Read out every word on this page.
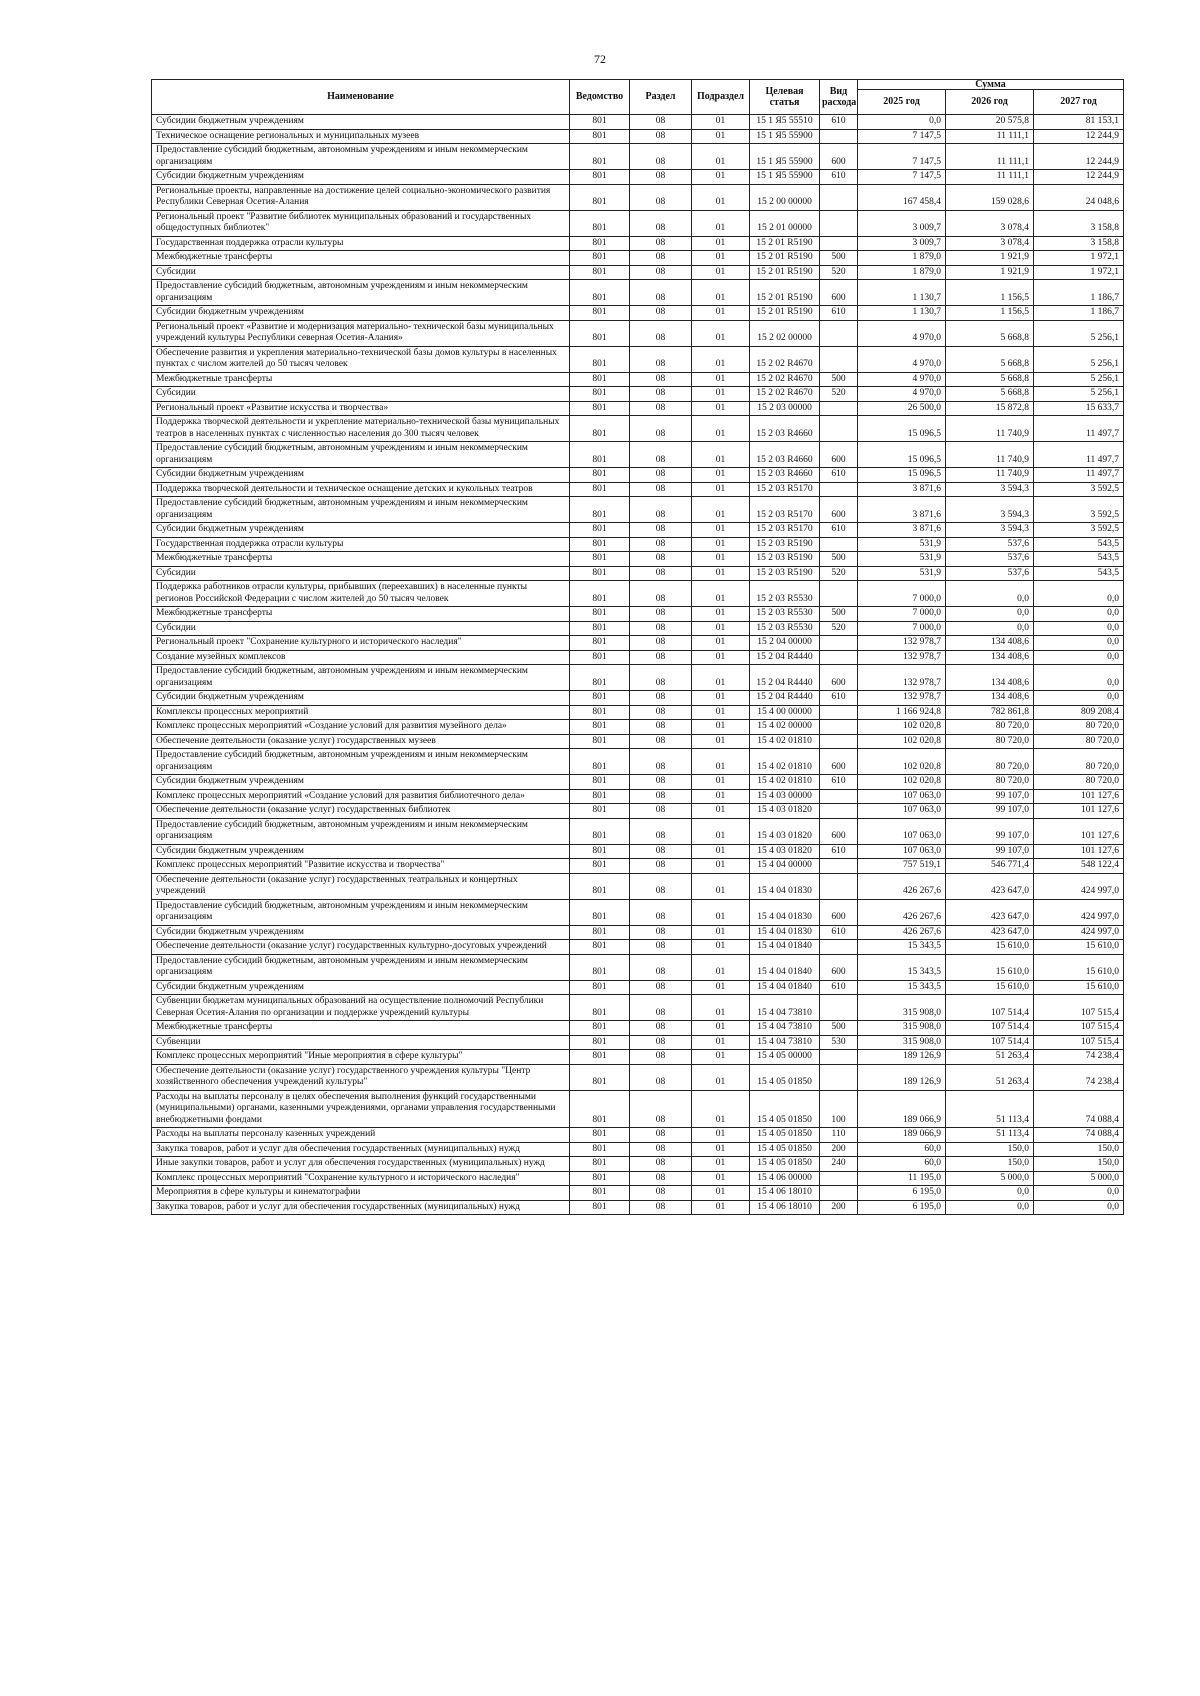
72
Наименование	Ведомство	Раздел	Подраздел	Целевая статья	Вид расхода	Сумма		
						2025 год	2026 год	2027 год
Субсидии бюджетным учреждениям	801	08	01	15 1 Я5 55510	610	0,0	20 575,8	81 153,1
Техническое оснащение региональных и муниципальных музеев	801	08	01	15 1 Я5 55900		7 147,5	11 111,1	12 244,9
Предоставление субсидий бюджетным, автономным учреждениям и иным некоммерческим организациям	801	08	01	15 1 Я5 55900	600	7 147,5	11 111,1	12 244,9
Субсидии бюджетным учреждениям	801	08	01	15 1 Я5 55900	610	7 147,5	11 111,1	12 244,9
Региональные проекты, направленные на достижение целей социально-экономического развития Республики Северная Осетия-Алания	801	08	01	15 2 00 00000		167 458,4	159 028,6	24 048,6
Региональный проект "Развитие библиотек муниципальных образований и государственных общедоступных библиотек"	801	08	01	15 2 01 00000		3 009,7	3 078,4	3 158,8
Государственная поддержка отрасли культуры	801	08	01	15 2 01 R5190		3 009,7	3 078,4	3 158,8
Межбюджетные трансферты	801	08	01	15 2 01 R5190	500	1 879,0	1 921,9	1 972,1
Субсидии	801	08	01	15 2 01 R5190	520	1 879,0	1 921,9	1 972,1
Предоставление субсидий бюджетным, автономным учреждениям и иным некоммерческим организациям	801	08	01	15 2 01 R5190	600	1 130,7	1 156,5	1 186,7
Субсидии бюджетным учреждениям	801	08	01	15 2 01 R5190	610	1 130,7	1 156,5	1 186,7
Региональный проект «Развитие и модернизация материально- технической базы муниципальных учреждений культуры Республики северная Осетия-Алания»	801	08	01	15 2 02 00000		4 970,0	5 668,8	5 256,1
Обеспечение развития и укрепления материально-технической базы домов культуры в населенных пунктах с числом жителей до 50 тысяч человек	801	08	01	15 2 02 R4670		4 970,0	5 668,8	5 256,1
Межбюджетные трансферты	801	08	01	15 2 02 R4670	500	4 970,0	5 668,8	5 256,1
Субсидии	801	08	01	15 2 02 R4670	520	4 970,0	5 668,8	5 256,1
Региональный проект «Развитие искусства и творчества»	801	08	01	15 2 03 00000		26 500,0	15 872,8	15 633,7
Поддержка творческой деятельности и укрепление материально-технической базы муниципальных театров в населенных пунктах с численностью населения до 300 тысяч человек	801	08	01	15 2 03 R4660		15 096,5	11 740,9	11 497,7
Предоставление субсидий бюджетным, автономным учреждениям и иным некоммерческим организациям	801	08	01	15 2 03 R4660	600	15 096,5	11 740,9	11 497,7
Субсидии бюджетным учреждениям	801	08	01	15 2 03 R4660	610	15 096,5	11 740,9	11 497,7
Поддержка творческой деятельности и техническое оснащение детских и кукольных театров	801	08	01	15 2 03 R5170		3 871,6	3 594,3	3 592,5
Предоставление субсидий бюджетным, автономным учреждениям и иным некоммерческим организациям	801	08	01	15 2 03 R5170	600	3 871,6	3 594,3	3 592,5
Субсидии бюджетным учреждениям	801	08	01	15 2 03 R5170	610	3 871,6	3 594,3	3 592,5
Государственная поддержка отрасли культуры	801	08	01	15 2 03 R5190		531,9	537,6	543,5
Межбюджетные трансферты	801	08	01	15 2 03 R5190	500	531,9	537,6	543,5
Субсидии	801	08	01	15 2 03 R5190	520	531,9	537,6	543,5
Поддержка работников отрасли культуры, прибывших (переехавших) в населенные пункты регионов Российской Федерации с числом жителей до 50 тысяч человек	801	08	01	15 2 03 R5530		7 000,0	0,0	0,0
Межбюджетные трансферты	801	08	01	15 2 03 R5530	500	7 000,0	0,0	0,0
Субсидии	801	08	01	15 2 03 R5530	520	7 000,0	0,0	0,0
Региональный проект "Сохранение культурного и исторического наследия"	801	08	01	15 2 04 00000		132 978,7	134 408,6	0,0
Создание музейных комплексов	801	08	01	15 2 04 R4440		132 978,7	134 408,6	0,0
Предоставление субсидий бюджетным, автономным учреждениям и иным некоммерческим организациям	801	08	01	15 2 04 R4440	600	132 978,7	134 408,6	0,0
Субсидии бюджетным учреждениям	801	08	01	15 2 04 R4440	610	132 978,7	134 408,6	0,0
Комплексы процессных мероприятий	801	08	01	15 4 00 00000		1 166 924,8	782 861,8	809 208,4
Комплекс процессных мероприятий «Создание условий для развития музейного дела»	801	08	01	15 4 02 00000		102 020,8	80 720,0	80 720,0
Обеспечение деятельности (оказание услуг) государственных музеев	801	08	01	15 4 02 01810		102 020,8	80 720,0	80 720,0
Предоставление субсидий бюджетным, автономным учреждениям и иным некоммерческим организациям	801	08	01	15 4 02 01810	600	102 020,8	80 720,0	80 720,0
Субсидии бюджетным учреждениям	801	08	01	15 4 02 01810	610	102 020,8	80 720,0	80 720,0
Комплекс процессных мероприятий «Создание условий для развития библиотечного дела»	801	08	01	15 4 03 00000		107 063,0	99 107,0	101 127,6
Обеспечение деятельности (оказание услуг) государственных библиотек	801	08	01	15 4 03 01820		107 063,0	99 107,0	101 127,6
Предоставление субсидий бюджетным, автономным учреждениям и иным некоммерческим организациям	801	08	01	15 4 03 01820	600	107 063,0	99 107,0	101 127,6
Субсидии бюджетным учреждениям	801	08	01	15 4 03 01820	610	107 063,0	99 107,0	101 127,6
Комплекс процессных мероприятий "Развитие искусства и творчества"	801	08	01	15 4 04 00000		757 519,1	546 771,4	548 122,4
Обеспечение деятельности (оказание услуг) государственных театральных и концертных учреждений	801	08	01	15 4 04 01830		426 267,6	423 647,0	424 997,0
Предоставление субсидий бюджетным, автономным учреждениям и иным некоммерческим организациям	801	08	01	15 4 04 01830	600	426 267,6	423 647,0	424 997,0
Субсидии бюджетным учреждениям	801	08	01	15 4 04 01830	610	426 267,6	423 647,0	424 997,0
Обеспечение деятельности (оказание услуг) государственных культурно-досуговых учреждений	801	08	01	15 4 04 01840		15 343,5	15 610,0	15 610,0
Предоставление субсидий бюджетным, автономным учреждениям и иным некоммерческим организациям	801	08	01	15 4 04 01840	600	15 343,5	15 610,0	15 610,0
Субсидии бюджетным учреждениям	801	08	01	15 4 04 01840	610	15 343,5	15 610,0	15 610,0
Субвенции бюджетам муниципальных образований на осуществление полномочий Республики Северная Осетия-Алания по организации и поддержке учреждений культуры	801	08	01	15 4 04 73810		315 908,0	107 514,4	107 515,4
Межбюджетные трансферты	801	08	01	15 4 04 73810	500	315 908,0	107 514,4	107 515,4
Субвенции	801	08	01	15 4 04 73810	530	315 908,0	107 514,4	107 515,4
Комплекс процессных мероприятий "Иные мероприятия в сфере культуры"	801	08	01	15 4 05 00000		189 126,9	51 263,4	74 238,4
Обеспечение деятельности (оказание услуг) государственного учреждения культуры "Центр хозяйственного обеспечения учреждений культуры"	801	08	01	15 4 05 01850		189 126,9	51 263,4	74 238,4
Расходы на выплаты персоналу в целях обеспечения выполнения функций государственными (муниципальными) органами, казенными учреждениями, органами управления государственными внебюджетными фондами	801	08	01	15 4 05 01850	100	189 066,9	51 113,4	74 088,4
Расходы на выплаты персоналу казенных учреждений	801	08	01	15 4 05 01850	110	189 066,9	51 113,4	74 088,4
Закупка товаров, работ и услуг для обеспечения государственных (муниципальных) нужд	801	08	01	15 4 05 01850	200	60,0	150,0	150,0
Иные закупки товаров, работ и услуг для обеспечения государственных (муниципальных) нужд	801	08	01	15 4 05 01850	240	60,0	150,0	150,0
Комплекс процессных мероприятий "Сохранение культурного и исторического наследия"	801	08	01	15 4 06 00000		11 195,0	5 000,0	5 000,0
Мероприятия в сфере культуры и кинематографии	801	08	01	15 4 06 18010		6 195,0	0,0	0,0
Закупка товаров, работ и услуг для обеспечения государственных (муниципальных) нужд	801	08	01	15 4 06 18010	200	6 195,0	0,0	0,0
